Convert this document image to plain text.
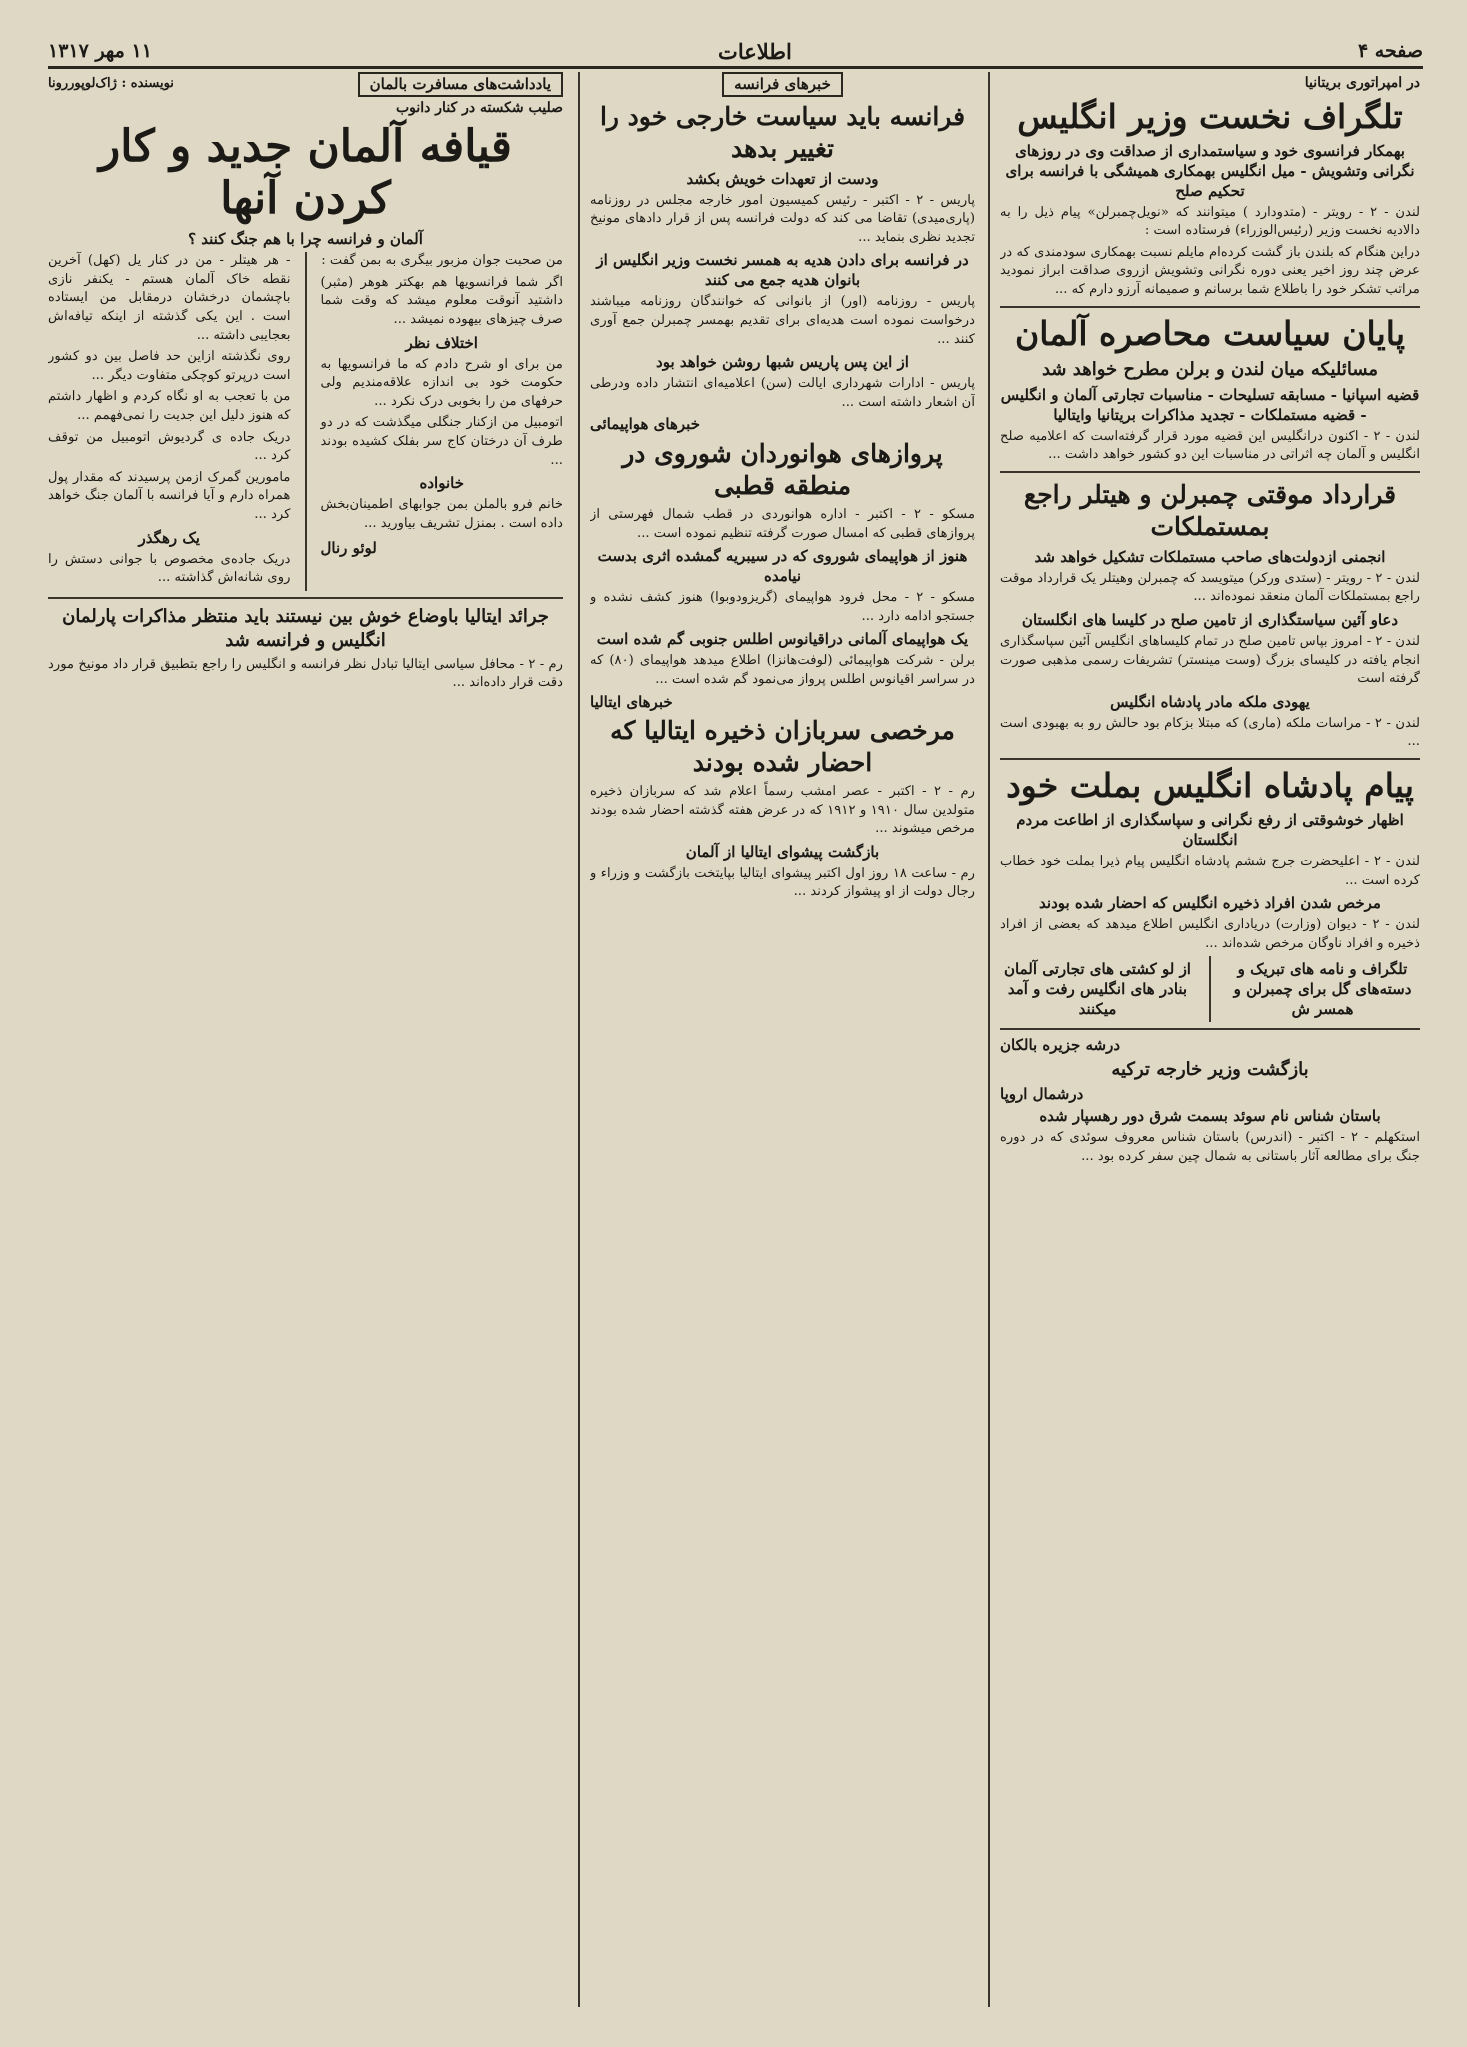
صفحه ۴
اطلاعات
۱۱ مهر ۱۳۱۷
در امپراتوری بریتانیا
تلگراف نخست وزیر انگلیس
بهمکار فرانسوی خود و سیاستمداری از صداقت وی در روزهای نگرانی وتشویش - میل انگلیس بهمکاری همیشگی با فرانسه برای تحکیم صلح

لندن - ۲ - رویتر - (متدودارد ) میتوانند که «نویل‌چمبرلن» پیام ذیل را به دالادیه نخست وزیر (رئیس‌الوزراء) فرستاده است :

دراین هنگام که بلندن باز گشت کرده‌ام مایلم نسبت بهمکاری سودمندی که در عرض چند روز اخیر یعنی دوره نگرانی وتشویش ازروی صداقت ابراز نمودید مراتب تشکر خود را باطلاع شما برسانم و صمیمانه آرزو دارم که ...

پایان سیاست محاصره آلمان
مسائلیکه میان لندن و برلن مطرح خواهد شد
قضیه اسپانیا - مسابقه تسلیحات - مناسبات تجارتی آلمان و انگلیس - قضیه مستملکات - تجدید مذاکرات بریتانیا وایتالیا

لندن - ۲ - اکنون درانگلیس این قضیه مورد قرار گرفته‌است که اعلامیه صلح انگلیس و آلمان چه اثراتی در مناسبات این دو کشور خواهد داشت ...

قرارداد موقتی چمبرلن و هیتلر راجع بمستملکات
انجمنی ازدولت‌های صاحب مستملکات تشکیل خواهد شد

لندن - ۲ - رویتر - (ستدی ورکر) میتویسد که چمبرلن وهیتلر یک قرارداد موقت راجع بمستملکات آلمان منعقد نموده‌اند ...

دعاو آئین سیاستگذاری از تامین صلح در کلیسا های انگلستان

لندن - ۲ - امروز بپاس تامین صلح در تمام کلیساهای انگلیس آئین سپاسگذاری انجام یافته در کلیسای بزرگ (وست مینستر) تشریفات رسمی مذهبی صورت گرفته است

یهودی ملکه مادر پادشاه انگلیس

لندن - ۲ - مراسات ملکه (ماری) که مبتلا بزکام بود حالش رو به بهبودی است ...

پیام پادشاه انگلیس بملت خود
اظهار خوشوقتی از رفع نگرانی و سپاسگذاری از اطاعت مردم انگلستان

لندن - ۲ - اعلیحضرت جرج ششم پادشاه انگلیس پیام ذیرا بملت خود خطاب کرده است ...

مرخص شدن افراد ذخیره انگلیس که احضار شده بودند

لندن - ۲ - دیوان (وزارت) دریاداری انگلیس اطلاع میدهد که بعضی از افراد ذخیره و افراد ناوگان مرخص شده‌اند ...

تلگراف و نامه های تبریک و دسته‌های گل برای چمبرلن و همسر ش
از لو کشتی های تجارتی آلمان بنادر های انگلیس رفت و آمد میکنند
درشه جزیره بالکان
بازگشت وزیر خارجه ترکیه
درشمال اروپا
باستان شناس نام سوئد بسمت شرق دور رهسپار شده

استکهلم - ۲ - اکتبر - (اندرس) باستان شناس معروف سوئدی که در دوره جنگ برای مطالعه آثار باستانی به شمال چین سفر کرده بود ...

خبرهای فرانسه
فرانسه باید سیاست خارجی خود را تغییر بدهد
ودست از تعهدات خویش بکشد

پاریس - ۲ - اکتبر - رئیس کمیسیون امور خارجه مجلس در روزنامه (پاری‌میدی) تقاضا می کند که دولت فرانسه پس از قرار دادهای مونیخ تجدید نظری بنماید ...

در فرانسه برای دادن هدیه به همسر نخست وزیر انگلیس از بانوان هدیه جمع می کنند

پاریس - روزنامه (اور) از بانوانی که خوانندگان روزنامه میباشند درخواست نموده است هدیه‌ای برای تقدیم بهمسر چمبرلن جمع آوری کنند ...

از این پس پاریس شبها روشن خواهد بود

پاریس - ادارات شهرداری ایالت (سن) اعلامیه‌ای انتشار داده ودرطی آن اشعار داشته است ...

خبرهای هواپیمائی
پروازهای هوانوردان شوروی در منطقه قطبی

مسکو - ۲ - اکتبر - اداره هوانوردی در قطب شمال فهرستی از پروازهای قطبی که امسال صورت گرفته تنظیم نموده است ...

هنوز از هواپیمای شوروی که در سیبریه گمشده اثری بدست نیامده

مسکو - ۲ - محل فرود هواپیمای (گریزودوبوا) هنوز کشف نشده و جستجو ادامه دارد ...

یک هواپیمای آلمانی دراقیانوس اطلس جنوبی گم شده است

برلن - شرکت هواپیمائی (لوفت‌هانزا) اطلاع میدهد هواپیمای (۸۰) که در سراسر اقیانوس اطلس پرواز می‌نمود گم شده است ...

خبرهای ایتالیا
مرخصی سربازان ذخیره ایتالیا که احضار شده بودند

رم - ۲ - اکتبر - عصر امشب رسماً اعلام شد که سربازان ذخیره متولدین سال ۱۹۱۰ و ۱۹۱۲ که در عرض هفته گذشته احضار شده بودند مرخص میشوند ...

بازگشت پیشوای ایتالیا از آلمان

رم - ساعت ۱۸ روز اول اکتبر پیشوای ایتالیا بپایتخت بازگشت و وزراء و رجال دولت از او پیشواز کردند ...

یادداشت‌های مسافرت بالمان
نویسنده : ژاک‌لوپوررونا
صلیب شکسته در کنار دانوب
قیافه آلمان جدید و کار کردن آنها
آلمان و فرانسه چرا با هم جنگ کنند ؟

من صحبت جوان مزبور بیگری به بمن گفت :

اگر شما فرانسویها هم بهکتر هوهر (مثبر) داشتید آنوقت معلوم میشد که وقت شما صرف چیزهای بیهوده نمیشد ...

اختلاف نظر

من برای او شرح دادم که ما فرانسویها به حکومت خود بی اندازه علاقه‌مندیم ولی حرفهای من را بخوبی درک نکرد ...

اتومبیل من ازکنار جنگلی میگذشت که در دو طرف آن درختان کاج سر بفلک کشیده بودند ...

خانواده

خانم فرو بالملن بمن جوابهای اطمینان‌بخش داده است . بمنزل تشریف بیاورید ...

لوئو رنال

- هر هیتلر - من در کنار یل (کهل) آخرین نقطه خاک آلمان هستم - یکنفر نازی باچشمان درخشان درمقابل من ایستاده است . این یکی گذشته از اینکه تیافه‌اش بعجایبی داشته ...

روی نگذشته ازاین حد فاصل بین دو کشور است درپرتو کوچکی متفاوت دیگر ...

من با تعجب به او نگاه کردم و اظهار داشتم که هنوز دلیل این جدیت را نمی‌فهمم ...

دریک جاده ی گردیوش اتومبیل من توقف کرد ...

مامورین گمرک ازمن پرسیدند که مقدار پول همراه دارم و آیا فرانسه با آلمان جنگ خواهد کرد ...

یک رهگذر

دریک جاده‌ی مخصوص با جوانی دستش را روی شانه‌اش گذاشته ...

جرائد ایتالیا باوضاع خوش بین نیستند باید منتظر مذاکرات پارلمان انگلیس و فرانسه شد

رم - ۲ - محافل سیاسی ایتالیا تبادل نظر فرانسه و انگلیس را راجع بتطبیق قرار داد مونیخ مورد دقت قرار داده‌اند ...
